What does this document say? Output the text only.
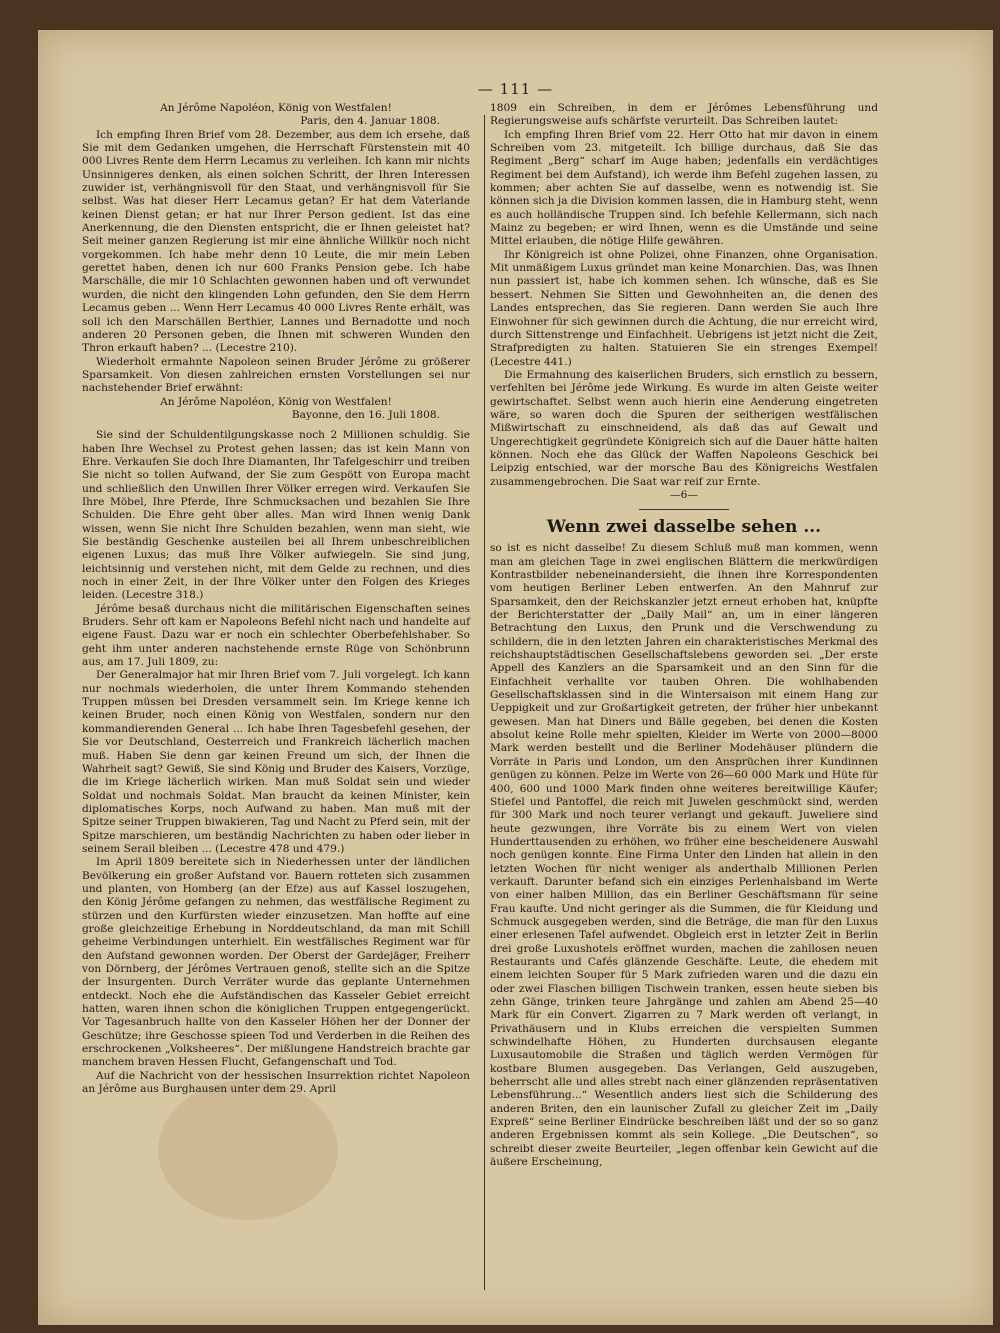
— 111 —

An Jérôme Napoléon, König von Westfalen!

Paris, den 4. Januar 1808.

Ich empfing Ihren Brief vom 28. Dezember, aus dem ich ersehe, daß Sie mit dem Gedanken umgehen, die Herrschaft Fürstenstein mit 40 000 Livres Rente dem Herrn Lecamus zu verleihen. Ich kann mir nichts Unsinnigeres denken, als einen solchen Schritt, der Ihren Interessen zuwider ist, verhängnisvoll für den Staat, und verhängnisvoll für Sie selbst. Was hat dieser Herr Lecamus getan? Er hat dem Vaterlande keinen Dienst getan; er hat nur Ihrer Person gedient. Ist das eine Anerkennung, die den Diensten entspricht, die er Ihnen geleistet hat? Seit meiner ganzen Regierung ist mir eine ähnliche Willkür noch nicht vorgekommen. Ich habe mehr denn 10 Leute, die mir mein Leben gerettet haben, denen ich nur 600 Franks Pension gebe. Ich habe Marschälle, die mir 10 Schlachten gewonnen haben und oft verwundet wurden, die nicht den klingenden Lohn gefunden, den Sie dem Herrn Lecamus geben ... Wenn Herr Lecamus 40 000 Livres Rente erhält, was soll ich den Marschällen Berthier, Lannes und Bernadotte und noch anderen 20 Personen geben, die Ihnen mit schweren Wunden den Thron erkauft haben? ... (Lecestre 210).

Wiederholt ermahnte Napoleon seinen Bruder Jérôme zu größerer Sparsamkeit. Von diesen zahlreichen ernsten Vorstellungen sei nur nachstehender Brief erwähnt:

An Jérôme Napoléon, König von Westfalen!

Bayonne, den 16. Juli 1808.

Sie sind der Schuldentilgungskasse noch 2 Millionen schuldig. Sie haben Ihre Wechsel zu Protest gehen lassen; das ist kein Mann von Ehre. Verkaufen Sie doch Ihre Diamanten, Ihr Tafelgeschirr und treiben Sie nicht so tollen Aufwand, der Sie zum Gespött von Europa macht und schließlich den Unwillen Ihrer Völker erregen wird. Verkaufen Sie Ihre Möbel, Ihre Pferde, Ihre Schmucksachen und bezahlen Sie Ihre Schulden. Die Ehre geht über alles. Man wird Ihnen wenig Dank wissen, wenn Sie nicht Ihre Schulden bezahlen, wenn man sieht, wie Sie beständig Geschenke austeilen bei all Ihrem unbeschreiblichen eigenen Luxus; das muß Ihre Völker aufwiegeln. Sie sind jung, leichtsinnig und verstehen nicht, mit dem Gelde zu rechnen, und dies noch in einer Zeit, in der Ihre Völker unter den Folgen des Krieges leiden. (Lecestre 318.)

Jérôme besaß durchaus nicht die militärischen Eigenschaften seines Bruders. Sehr oft kam er Napoleons Befehl nicht nach und handelte auf eigene Faust. Dazu war er noch ein schlechter Oberbefehlshaber. So geht ihm unter anderen nachstehende ernste Rüge von Schönbrunn aus, am 17. Juli 1809, zu:

Der Generalmajor hat mir Ihren Brief vom 7. Juli vorgelegt. Ich kann nur nochmals wiederholen, die unter Ihrem Kommando stehenden Truppen müssen bei Dresden versammelt sein. Im Kriege kenne ich keinen Bruder, noch einen König von Westfalen, sondern nur den kommandierenden General ... Ich habe Ihren Tagesbefehl gesehen, der Sie vor Deutschland, Oesterreich und Frankreich lächerlich machen muß. Haben Sie denn gar keinen Freund um sich, der Ihnen die Wahrheit sagt? Gewiß, Sie sind König und Bruder des Kaisers, Vorzüge, die im Kriege lächerlich wirken. Man muß Soldat sein und wieder Soldat und nochmals Soldat. Man braucht da keinen Minister, kein diplomatisches Korps, noch Aufwand zu haben. Man muß mit der Spitze seiner Truppen biwakieren, Tag und Nacht zu Pferd sein, mit der Spitze marschieren, um beständig Nachrichten zu haben oder lieber in seinem Serail bleiben ... (Lecestre 478 und 479.)

Im April 1809 bereitete sich in Niederhessen unter der ländlichen Bevölkerung ein großer Aufstand vor. Bauern rotteten sich zusammen und planten, von Homberg (an der Efze) aus auf Kassel loszugehen, den König Jérôme gefangen zu nehmen, das westfälische Regiment zu stürzen und den Kurfürsten wieder einzusetzen. Man hoffte auf eine große gleichzeitige Erhebung in Norddeutschland, da man mit Schill geheime Verbindungen unterhielt. Ein westfälisches Regiment war für den Aufstand gewonnen worden. Der Oberst der Gardejäger, Freiherr von Dörnberg, der Jérômes Vertrauen genoß, stellte sich an die Spitze der Insurgenten. Durch Verräter wurde das geplante Unternehmen entdeckt. Noch ehe die Aufständischen das Kasseler Gebiet erreicht hatten, waren ihnen schon die königlichen Truppen entgegengerückt. Vor Tagesanbruch hallte von den Kasseler Höhen her der Donner der Geschütze; ihre Geschosse spieen Tod und Verderben in die Reihen des erschrockenen „Volksheeres“. Der mißlungene Handstreich brachte gar manchem braven Hessen Flucht, Gefangenschaft und Tod.

Auf die Nachricht von der hessischen Insurrektion richtet Napoleon an Jérôme aus Burghausen unter dem 29. April

1809 ein Schreiben, in dem er Jérômes Lebensführung und Regierungsweise aufs schärfste verurteilt. Das Schreiben lautet:

Ich empfing Ihren Brief vom 22. Herr Otto hat mir davon in einem Schreiben vom 23. mitgeteilt. Ich billige durchaus, daß Sie das Regiment „Berg“ scharf im Auge haben; jedenfalls ein verdächtiges Regiment bei dem Aufstand), ich werde ihm Befehl zugehen lassen, zu kommen; aber achten Sie auf dasselbe, wenn es notwendig ist. Sie können sich ja die Division kommen lassen, die in Hamburg steht, wenn es auch holländische Truppen sind. Ich befehle Kellermann, sich nach Mainz zu begeben; er wird Ihnen, wenn es die Umstände und seine Mittel erlauben, die nötige Hilfe gewähren.

Ihr Königreich ist ohne Polizei, ohne Finanzen, ohne Organisation. Mit unmäßigem Luxus gründet man keine Monarchien. Das, was Ihnen nun passiert ist, habe ich kommen sehen. Ich wünsche, daß es Sie bessert. Nehmen Sie Sitten und Gewohnheiten an, die denen des Landes entsprechen, das Sie regieren. Dann werden Sie auch Ihre Einwohner für sich gewinnen durch die Achtung, die nur erreicht wird, durch Sittenstrenge und Einfachheit. Uebrigens ist jetzt nicht die Zeit, Strafpredigten zu halten. Statuieren Sie ein strenges Exempel! (Lecestre 441.)

Die Ermahnung des kaiserlichen Bruders, sich ernstlich zu bessern, verfehlten bei Jérôme jede Wirkung. Es wurde im alten Geiste weiter gewirtschaftet. Selbst wenn auch hierin eine Aenderung eingetreten wäre, so waren doch die Spuren der seitherigen westfälischen Mißwirtschaft zu einschneidend, als daß das auf Gewalt und Ungerechtigkeit gegründete Königreich sich auf die Dauer hätte halten können. Noch ehe das Glück der Waffen Napoleons Geschick bei Leipzig entschied, war der morsche Bau des Königreichs Westfalen zusammengebrochen. Die Saat war reif zur Ernte.

—6—

Wenn zwei dasselbe sehen ...

so ist es nicht dasselbe! Zu diesem Schluß muß man kommen, wenn man am gleichen Tage in zwei englischen Blättern die merkwürdigen Kontrastbilder nebeneinandersieht, die ihnen ihre Korrespondenten vom heutigen Berliner Leben entwerfen. An den Mahnruf zur Sparsamkeit, den der Reichskanzler jetzt erneut erhoben hat, knüpfte der Berichterstatter der „Daily Mail“ an, um in einer längeren Betrachtung den Luxus, den Prunk und die Verschwendung zu schildern, die in den letzten Jahren ein charakteristisches Merkmal des reichshauptstädtischen Gesellschaftslebens geworden sei. „Der erste Appell des Kanzlers an die Sparsamkeit und an den Sinn für die Einfachheit verhallte vor tauben Ohren. Die wohlhabenden Gesellschaftsklassen sind in die Wintersaison mit einem Hang zur Ueppigkeit und zur Großartigkeit getreten, der früher hier unbekannt gewesen. Man hat Diners und Bälle gegeben, bei denen die Kosten absolut keine Rolle mehr spielten, Kleider im Werte von 2000—8000 Mark werden bestellt und die Berliner Modehäuser plündern die Vorräte in Paris und London, um den Ansprüchen ihrer Kundinnen genügen zu können. Pelze im Werte von 26—60 000 Mark und Hüte für 400, 600 und 1000 Mark finden ohne weiteres bereitwillige Käufer; Stiefel und Pantoffel, die reich mit Juwelen geschmückt sind, werden für 300 Mark und noch teurer verlangt und gekauft. Juweliere sind heute gezwungen, ihre Vorräte bis zu einem Wert von vielen Hunderttausenden zu erhöhen, wo früher eine bescheidenere Auswahl noch genügen konnte. Eine Firma Unter den Linden hat allein in den letzten Wochen für nicht weniger als anderthalb Millionen Perlen verkauft. Darunter befand sich ein einziges Perlenhalsband im Werte von einer halben Million, das ein Berliner Geschäftsmann für seine Frau kaufte. Und nicht geringer als die Summen, die für Kleidung und Schmuck ausgegeben werden, sind die Beträge, die man für den Luxus einer erlesenen Tafel aufwendet. Obgleich erst in letzter Zeit in Berlin drei große Luxushotels eröffnet wurden, machen die zahllosen neuen Restaurants und Cafés glänzende Geschäfte. Leute, die ehedem mit einem leichten Souper für 5 Mark zufrieden waren und die dazu ein oder zwei Flaschen billigen Tischwein tranken, essen heute sieben bis zehn Gänge, trinken teure Jahrgänge und zahlen am Abend 25—40 Mark für ein Convert. Zigarren zu 7 Mark werden oft verlangt, in Privathäusern und in Klubs erreichen die verspielten Summen schwindelhafte Höhen, zu Hunderten durchsausen elegante Luxusautomobile die Straßen und täglich werden Vermögen für kostbare Blumen ausgegeben. Das Verlangen, Geld auszugeben, beherrscht alle und alles strebt nach einer glänzenden repräsentativen Lebensführung...“ Wesentlich anders liest sich die Schilderung des anderen Briten, den ein launischer Zufall zu gleicher Zeit im „Daily Expreß“ seine Berliner Eindrücke beschreiben läßt und der so so ganz anderen Ergebnissen kommt als sein Kollege. „Die Deutschen“, so schreibt dieser zweite Beurteiler, „legen offenbar kein Gewicht auf die äußere Erscheinung,
